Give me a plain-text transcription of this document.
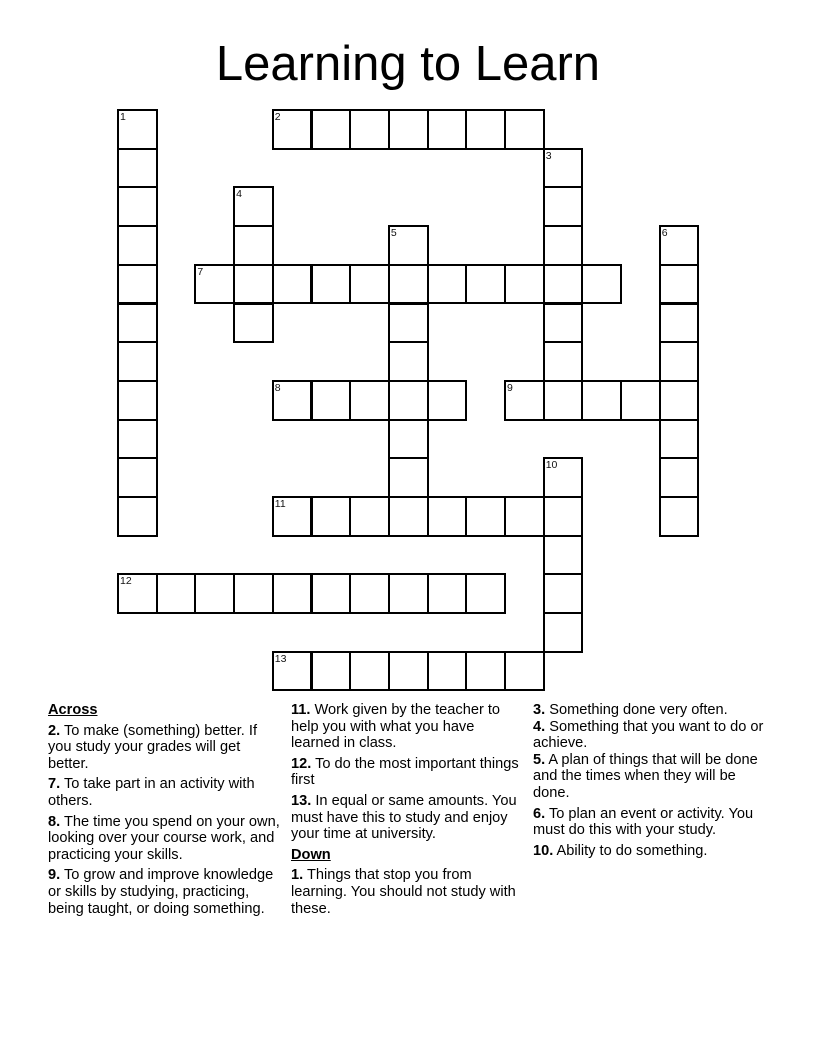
Learning to Learn
1	2
3
4
5	6
7
8	9
10
11
12
13
Across
2. To make (something) better. If you study your grades will get better.
7. To take part in an activity with others.
8. The time you spend on your own, looking over your course work, and practicing your skills.
9. To grow and improve knowledge or skills by studying, practicing, being taught, or doing something.
11. Work given by the teacher to help you with what you have learned in class.
12. To do the most important things first
13. In equal or same amounts. You must have this to study and enjoy your time at university.
Down
1. Things that stop you from learning. You should not study with these.
3. Something done very often.
4. Something that you want to do or achieve.
5. A plan of things that will be done and the times when they will be done.
6. To plan an event or activity. You must do this with your study.
10. Ability to do something.
